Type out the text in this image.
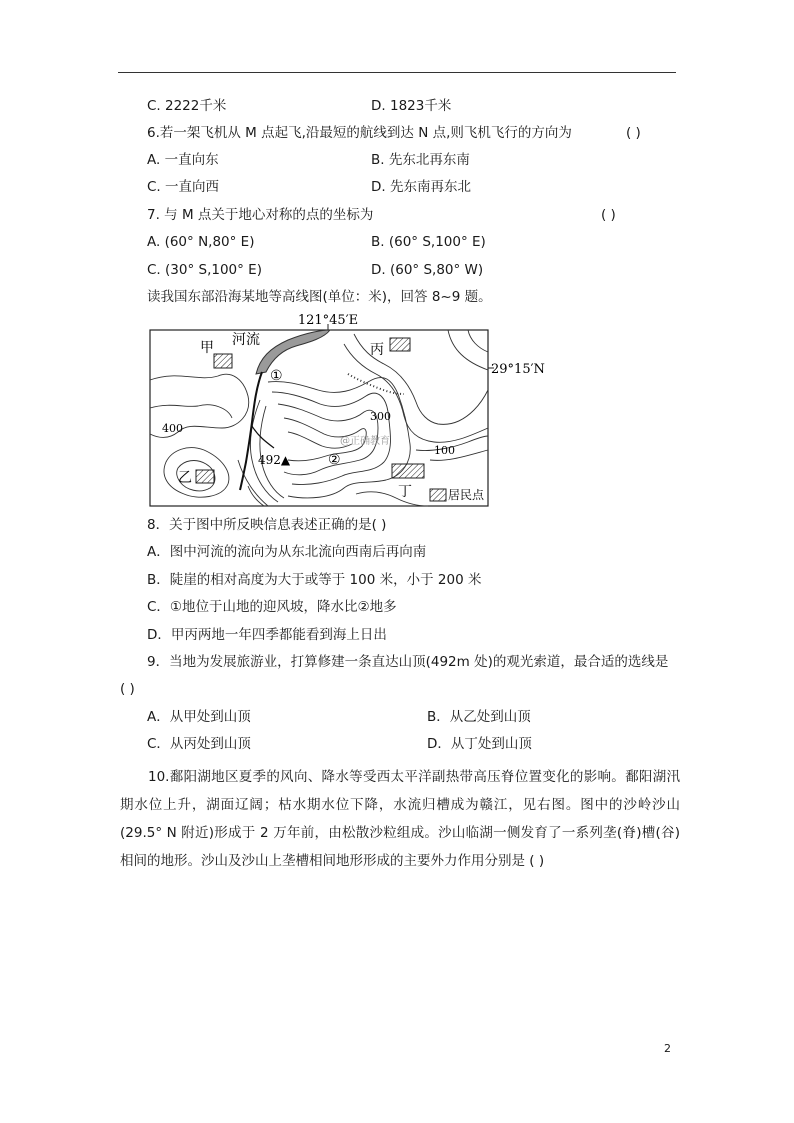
C. 2222千米	D. 1823千米
6.若一架飞机从 M 点起飞,沿最短的航线到达 N 点,则飞机飞行的方向为	( )
A. 一直向东	B. 先东北再东南
C. 一直向西	D. 先东南再东北
7. 与 M 点关于地心对称的点的坐标为	( )
A. (60° N,80° E)	B. (60° S,100° E)
C. (30° S,100° E)	D. (60° S,80° W)
读我国东部沿海某地等高线图(单位：米)，回答 8~9 题。
121°45′E
29°15′N
甲 河流
丙
乙
丁
400
300
100
492▲
①
②
居民点
@正确教育
8．关于图中所反映信息表述正确的是( )
A．图中河流的流向为从东北流向西南后再向南
B．陡崖的相对高度为大于或等于 100 米，小于 200 米
C．①地位于山地的迎风坡，降水比②地多
D．甲丙两地一年四季都能看到海上日出
9．当地为发展旅游业，打算修建一条直达山顶(492m 处)的观光索道，最合适的选线是
( )
A．从甲处到山顶	B．从乙处到山顶
C．从丙处到山顶	D．从丁处到山顶
10.鄱阳湖地区夏季的风向、降水等受西太平洋副热带高压脊位置变化的影响。鄱阳湖汛期水位上升，湖面辽阔；枯水期水位下降，水流归槽成为赣江，见右图。图中的沙岭沙山(29.5° N 附近)形成于 2 万年前，由松散沙粒组成。沙山临湖一侧发育了一系列垄(脊)槽(谷)相间的地形。沙山及沙山上垄槽相间地形形成的主要外力作用分别是 ( )
2
